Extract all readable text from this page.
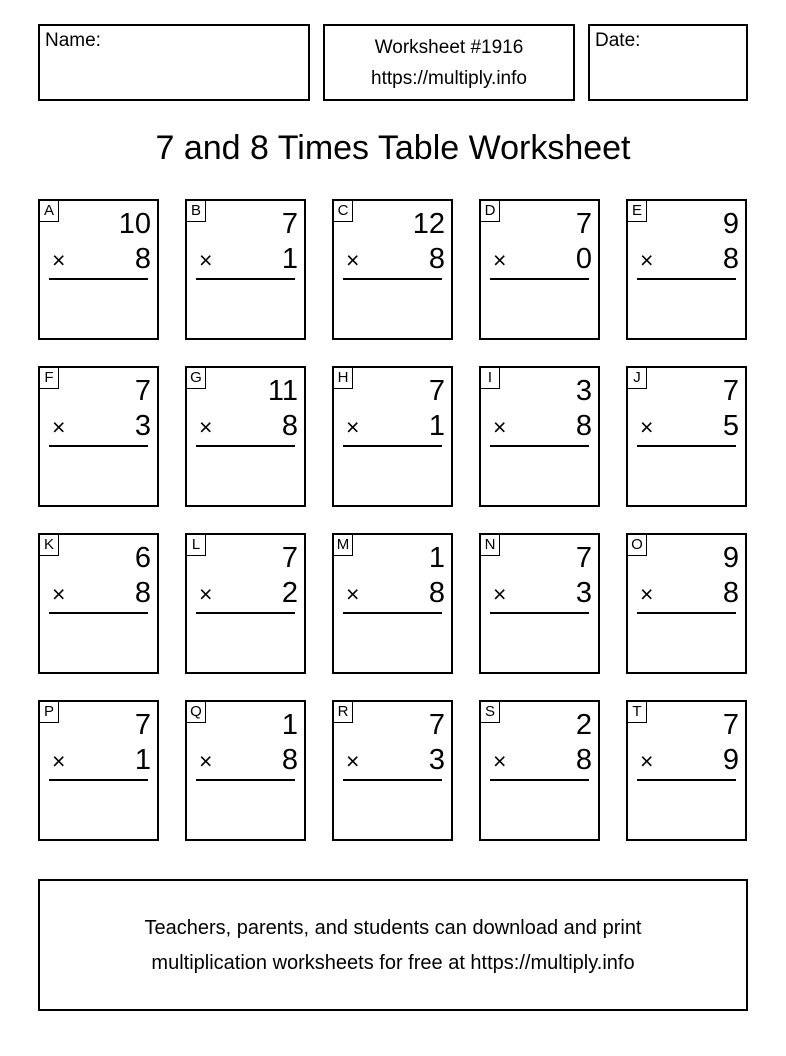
Name:	Worksheet #1916
https://multiply.info
Date:
7 and 8 Times Table Worksheet
A 10
× 8
B	7
× 1
C 12
× 8
D	7
× 0
E	9
× 8
F	7
× 3
G 11
× 8
H	7
× 1
I	3
× 8
J	7
× 5
K	6
× 8
L	7
× 2
M	1
× 8
N	7
× 3
O	9
× 8
P	7
× 1
Q	1
× 8
R	7
× 3
S	2
× 8
T	7
× 9
Teachers, parents, and students can download and print
multiplication worksheets for free at https://multiply.info
